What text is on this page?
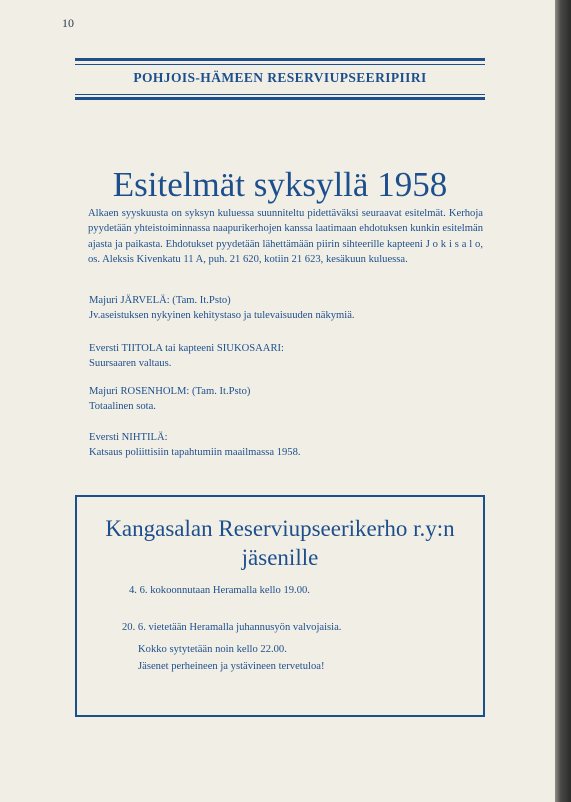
10
POHJOIS-HÄMEEN RESERVIUPSEERIPIIRI
Esitelmät syksyllä 1958

Alkaen syyskuusta on syksyn kuluessa suunniteltu pidettäväksi seuraavat esitelmät. Kerhoja pyydetään yhteistoiminnassa naapurikerhojen kanssa laatimaan ehdotuksen kunkin esitelmän ajasta ja paikasta. Ehdotukset pyydetään lähettämään piirin sihteerille kapteeni J o k i s a l o, os. Aleksis Kivenkatu 11 A, puh. 21 620, kotiin 21 623, kesäkuun kuluessa.

Majuri JÄRVELÄ: (Tam. It.Psto)
Jv.aseistuksen nykyinen kehitystaso ja tulevaisuuden näkymiä.
Eversti TIITOLA tai kapteeni SIUKOSAARI:
Suursaaren valtaus.
Majuri ROSENHOLM: (Tam. It.Psto)
Totaalinen sota.
Eversti NIHTILÄ:
Katsaus poliittisiin tapahtumiin maailmassa 1958.
Kangasalan Reserviupseerikerho r.y:n
jäsenille
4. 6. kokoonnutaan Heramalla kello 19.00.
20. 6. vietetään Heramalla juhannusyön valvojaisia.
Kokko sytytetään noin kello 22.00.
Jäsenet perheineen ja ystävineen tervetuloa!
